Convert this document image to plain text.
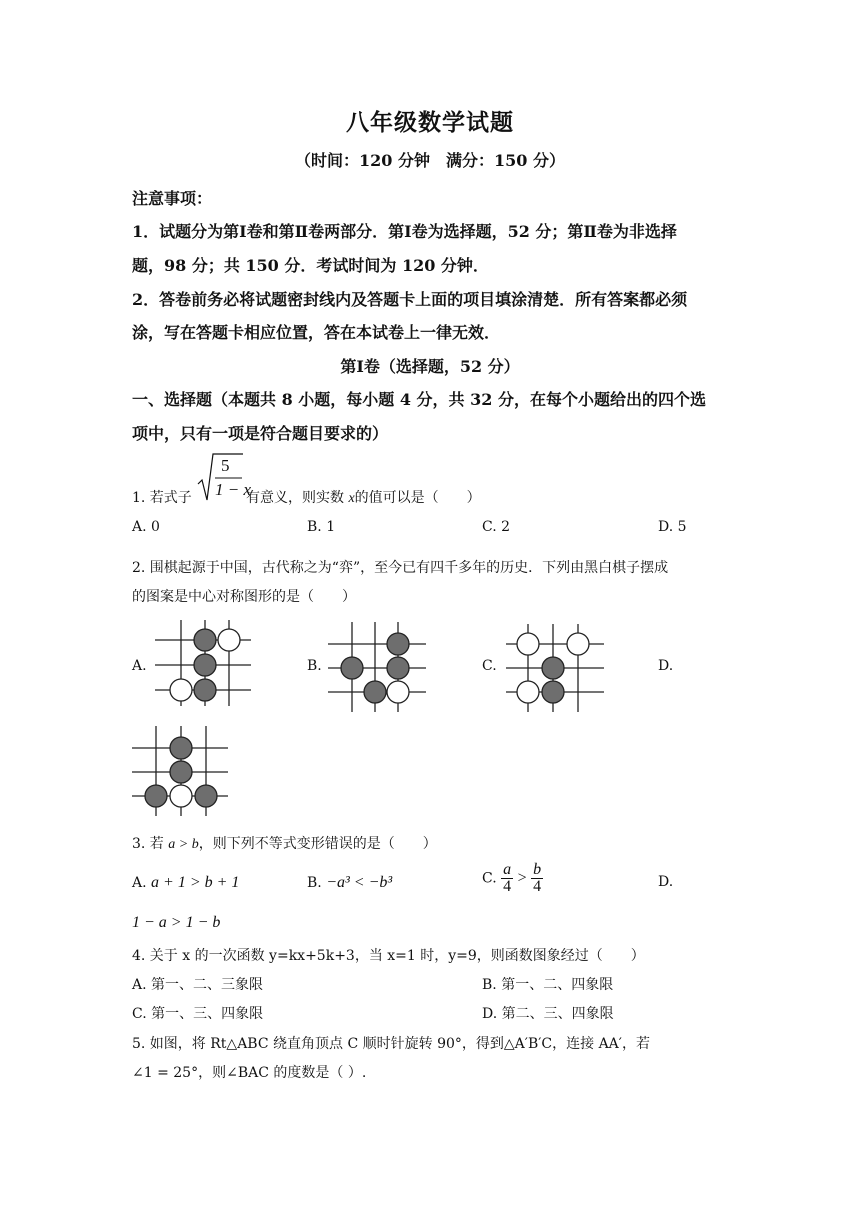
八年级数学试题
（时间：120 分钟　满分：150 分）
注意事项：
1．试题分为第Ⅰ卷和第Ⅱ卷两部分．第Ⅰ卷为选择题，52 分；第Ⅱ卷为非选择
题，98 分；共 150 分．考试时间为 120 分钟．
2．答卷前务必将试题密封线内及答题卡上面的项目填涂清楚．所有答案都必须
涂，写在答题卡相应位置，答在本试卷上一律无效．
第Ⅰ卷（选择题，52 分）
一、选择题（本题共 8 小题，每小题 4 分，共 32 分，在每个小题给出的四个选
项中，只有一项是符合题目要求的）
1. 若式子
5
1 − x
有意义，则实数 x的值可以是（　　）
A. 0	B. 1	C. 2	D. 5
2. 围棋起源于中国，古代称之为“弈”，至今已有四千多年的历史．下列由黑白棋子摆成
的图案是中心对称图形的是（　　）
A.	B.	C.	D.
3. 若 a > b，则下列不等式变形错误的是（　　）
A. a + 1 > b + 1	B. −a³ < −b³	C. $\frac{a}{4} > \frac{b}{4}$	D.
1 − a > 1 − b
4. 关于 x 的一次函数 y=kx+5k+3，当 x=1 时，y=9，则函数图象经过（　　）
A. 第一、二、三象限	B. 第一、二、四象限
C. 第一、三、四象限	D. 第二、三、四象限
5. 如图，将 Rt△ABC 绕直角顶点 C 顺时针旋转 90°，得到△A′B′C，连接 AA′，若
∠1 = 25°，则∠BAC 的度数是（ ）.
